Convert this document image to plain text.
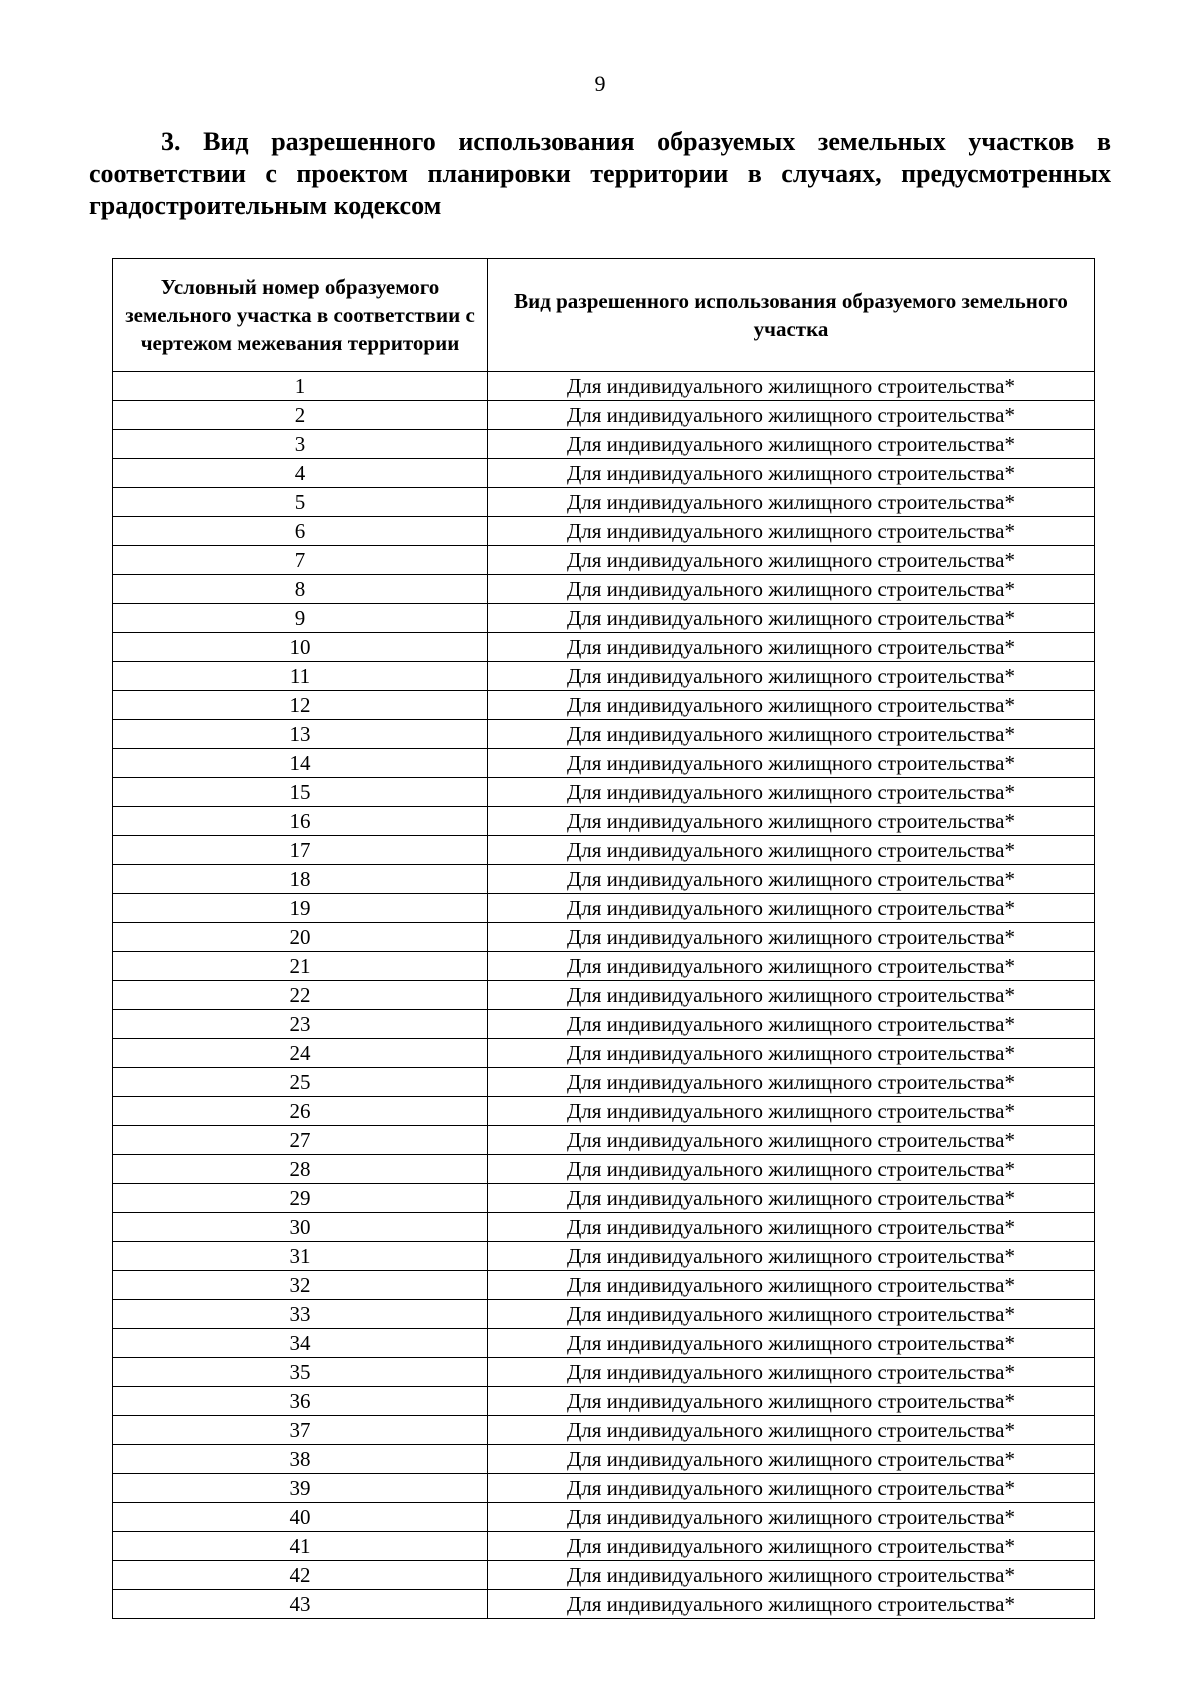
9
3. Вид разрешенного использования образуемых земельных участков в соответствии с проектом планировки территории в случаях, предусмотренных градостроительным кодексом
Условный номер образуемого земельного участка в соответствии с чертежом межевания территории	Вид разрешенного использования образуемого земельного участка
1	Для индивидуального жилищного строительства*
2	Для индивидуального жилищного строительства*
3	Для индивидуального жилищного строительства*
4	Для индивидуального жилищного строительства*
5	Для индивидуального жилищного строительства*
6	Для индивидуального жилищного строительства*
7	Для индивидуального жилищного строительства*
8	Для индивидуального жилищного строительства*
9	Для индивидуального жилищного строительства*
10	Для индивидуального жилищного строительства*
11	Для индивидуального жилищного строительства*
12	Для индивидуального жилищного строительства*
13	Для индивидуального жилищного строительства*
14	Для индивидуального жилищного строительства*
15	Для индивидуального жилищного строительства*
16	Для индивидуального жилищного строительства*
17	Для индивидуального жилищного строительства*
18	Для индивидуального жилищного строительства*
19	Для индивидуального жилищного строительства*
20	Для индивидуального жилищного строительства*
21	Для индивидуального жилищного строительства*
22	Для индивидуального жилищного строительства*
23	Для индивидуального жилищного строительства*
24	Для индивидуального жилищного строительства*
25	Для индивидуального жилищного строительства*
26	Для индивидуального жилищного строительства*
27	Для индивидуального жилищного строительства*
28	Для индивидуального жилищного строительства*
29	Для индивидуального жилищного строительства*
30	Для индивидуального жилищного строительства*
31	Для индивидуального жилищного строительства*
32	Для индивидуального жилищного строительства*
33	Для индивидуального жилищного строительства*
34	Для индивидуального жилищного строительства*
35	Для индивидуального жилищного строительства*
36	Для индивидуального жилищного строительства*
37	Для индивидуального жилищного строительства*
38	Для индивидуального жилищного строительства*
39	Для индивидуального жилищного строительства*
40	Для индивидуального жилищного строительства*
41	Для индивидуального жилищного строительства*
42	Для индивидуального жилищного строительства*
43	Для индивидуального жилищного строительства*
